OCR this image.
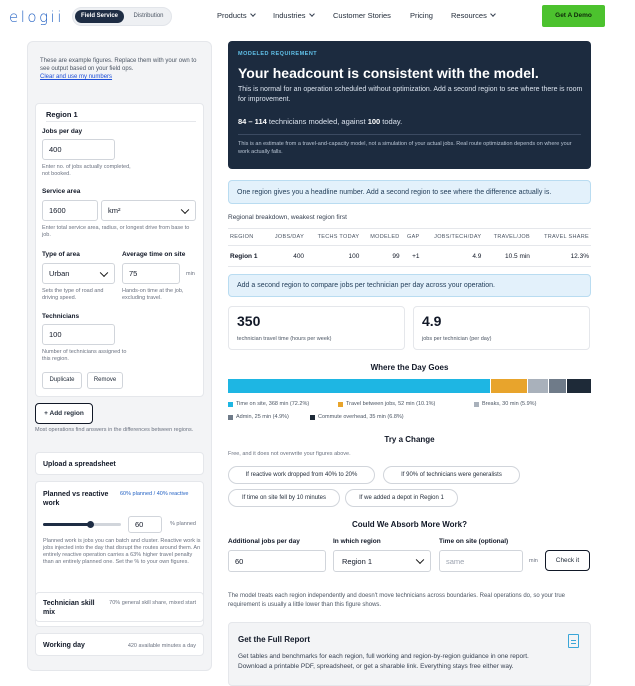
elogii	Field Service	Distribution	Products	Industries	Customer Stories	Pricing Resources	Get A Demo
These are example figures. Replace them with your own to see output based on your field ops.
Clear and use my numbers
Region 1
Jobs per day
400
Enter no. of jobs actually completed, not booked.
Service area
1600	km²
Enter total service area, radius, or longest drive from base to job.
Type of area
Urban
Sets the type of road and driving speed.
Average time on site
75	min
Hands-on time at the job, excluding travel.
Technicians
100
Number of technicians assigned to this region.
Duplicate	Remove
+ Add region
Most operations find answers in the differences between regions.
Upload a spreadsheet
Planned vs reactive work
60% planned / 40% reactive
60	% planned
Planned work is jobs you can batch and cluster. Reactive work is jobs injected into the day that disrupt the routes around them. An entirely reactive operation carries a 63% higher travel penalty than an entirely planned one. Set the % to your own figures.
Technician skill mix
70% general skill share, mixed start
Working day	420 available minutes a day
MODELED REQUIREMENT
Your headcount is consistent with the model.
This is normal for an operation scheduled without optimization. Add a second region to see where there is room for improvement.
84 – 114 technicians modeled, against 100 today.
This is an estimate from a travel-and-capacity model, not a simulation of your actual jobs. Real route optimization depends on where your work actually falls.
One region gives you a headline number. Add a second region to see where the difference actually is.
Regional breakdown, weakest region first
REGION	JOBS/DAY	TECHS TODAY	MODELED	GAP	JOBS/TECH/DAY	TRAVEL/JOB	TRAVEL SHARE
Region 1	400	100	99	+1	4.9	10.5 min	12.3%
Add a second region to compare jobs per technician per day across your operation.
350
technician travel time (hours per week)
4.9
jobs per technician (per day)
Where the Day Goes
Time on site, 368 min (72.2%)	Travel between jobs, 52 min (10.1%)	Breaks, 30 min (5.9%)
Admin, 25 min (4.9%)	Commute overhead, 35 min (6.8%)
Try a Change
Free, and it does not overwrite your figures above.
If reactive work dropped from 40% to 20%	If 90% of technicians were generalists
If time on site fell by 10 minutes	If we added a depot in Region 1
Could We Absorb More Work?
Additional jobs per day
60
In which region
Region 1
Time on site (optional)
same	min	Check it
The model treats each region independently and doesn't move technicians across boundaries. Real operations do, so your true requirement is usually a little lower than this figure shows.
Get the Full Report
Get tables and benchmarks for each region, full working and region-by-region guidance in one report. Download a printable PDF, spreadsheet, or get a sharable link. Everything stays free either way.
